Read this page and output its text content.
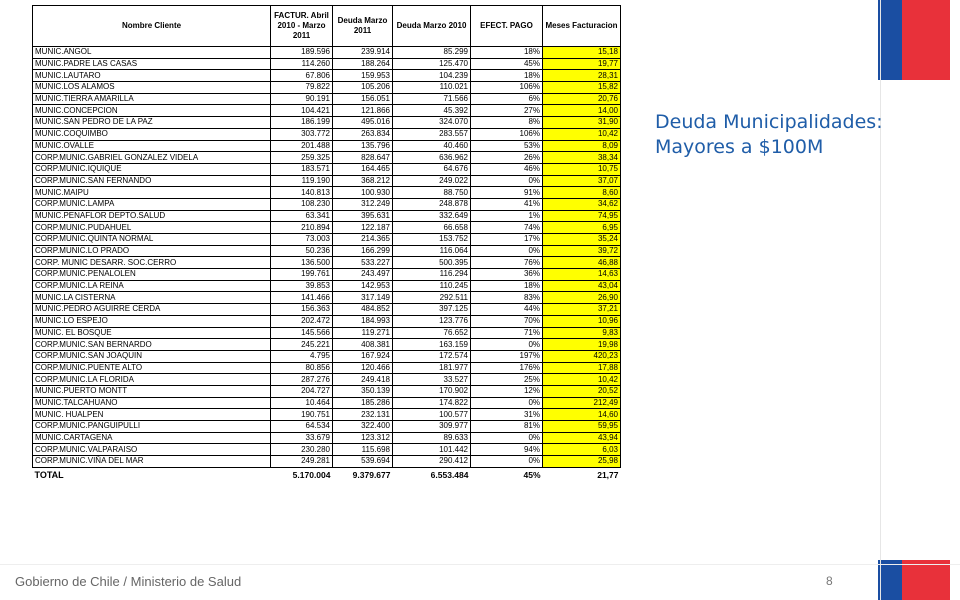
Deuda Municipalidades:
Mayores a $100M
Nombre Cliente	FACTUR. Abril 2010 - Marzo 2011	Deuda Marzo 2011	Deuda Marzo 2010	EFECT. PAGO	Meses Facturacion
MUNIC.ANGOL	189.596	239.914	85.299	18%	15,18
MUNIC.PADRE LAS CASAS	114.260	188.264	125.470	45%	19,77
MUNIC.LAUTARO	67.806	159.953	104.239	18%	28,31
MUNIC.LOS ALAMOS	79.822	105.206	110.021	106%	15,82
MUNIC.TIERRA AMARILLA	90.191	156.051	71.566	6%	20,76
MUNIC.CONCEPCION	104.421	121.866	45.392	27%	14,00
MUNIC.SAN PEDRO DE LA PAZ	186.199	495.016	324.070	8%	31,90
MUNIC.COQUIMBO	303.772	263.834	283.557	106%	10,42
MUNIC.OVALLE	201.488	135.796	40.460	53%	8,09
CORP.MUNIC.GABRIEL GONZALEZ VIDELA	259.325	828.647	636.962	26%	38,34
CORP.MUNIC.IQUIQUE	183.571	164.465	64.676	46%	10,75
CORP.MUNIC.SAN FERNANDO	119.190	368.212	249.022	0%	37,07
MUNIC.MAIPU	140.813	100.930	88.750	91%	8,60
CORP.MUNIC.LAMPA	108.230	312.249	248.878	41%	34,62
MUNIC.PENAFLOR DEPTO.SALUD	63.341	395.631	332.649	1%	74,95
CORP.MUNIC.PUDAHUEL	210.894	122.187	66.658	74%	6,95
CORP.MUNIC.QUINTA NORMAL	73.003	214.365	153.752	17%	35,24
CORP.MUNIC.LO PRADO	50.236	166.299	116.064	0%	39,72
CORP. MUNIC DESARR. SOC.CERRO	136.500	533.227	500.395	76%	46,88
CORP.MUNIC.PENALOLEN	199.761	243.497	116.294	36%	14,63
CORP.MUNIC.LA REINA	39.853	142.953	110.245	18%	43,04
MUNIC.LA CISTERNA	141.466	317.149	292.511	83%	26,90
MUNIC.PEDRO AGUIRRE CERDA	156.363	484.852	397.125	44%	37,21
MUNIC.LO ESPEJO	202.472	184.993	123.776	70%	10,96
MUNIC. EL BOSQUE	145.566	119.271	76.652	71%	9,83
CORP.MUNIC.SAN BERNARDO	245.221	408.381	163.159	0%	19,98
CORP.MUNIC.SAN JOAQUIN	4.795	167.924	172.574	197%	420,23
CORP.MUNIC.PUENTE ALTO	80.856	120.466	181.977	176%	17,88
CORP.MUNIC.LA FLORIDA	287.276	249.418	33.527	25%	10,42
MUNIC.PUERTO MONTT	204.727	350.139	170.902	12%	20,52
MUNIC.TALCAHUANO	10.464	185.286	174.822	0%	212,49
MUNIC. HUALPEN	190.751	232.131	100.577	31%	14,60
CORP.MUNIC.PANGUIPULLI	64.534	322.400	309.977	81%	59,95
MUNIC.CARTAGENA	33.679	123.312	89.633	0%	43,94
CORP.MUNIC.VALPARAISO	230.280	115.698	101.442	94%	6,03
CORP.MUNIC.VIÑA DEL MAR	249.281	539.694	290.412	0%	25,98
TOTAL	5.170.004	9.379.677	6.553.484	45%	21,77
Gobierno de Chile / Ministerio de Salud	8
